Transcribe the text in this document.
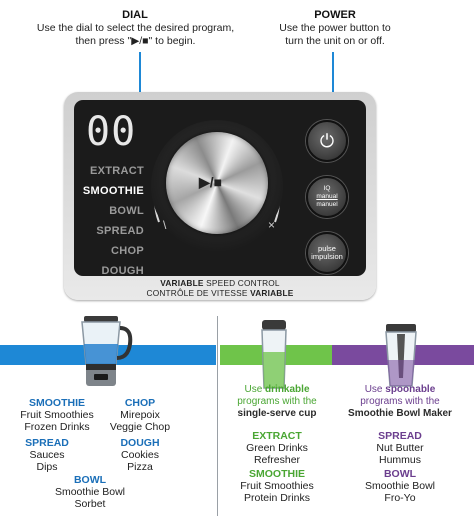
DIAL
Use the dial to select the desired program,
then press "▶/■" to begin.
POWER
Use the power button to
turn the unit on or off.
00
EXTRACT
SMOOTHIE
BOWL
SPREAD
CHOP
DOUGH
▶/■
\	×
⏻
IQ
manual
manuel
pulse
impulsion
VARIABLE SPEED CONTROL
CONTRÔLE DE VITESSE VARIABLE
SMOOTHIE
Fruit Smoothies
Frozen Drinks
CHOP
Mirepoix
Veggie Chop
SPREAD
Sauces
Dips
DOUGH
Cookies
Pizza
BOWL
Smoothie Bowl
Sorbet
Use drinkable
programs with the
single-serve cup
EXTRACT
Green Drinks
Refresher
SMOOTHIE
Fruit Smoothies
Protein Drinks
Use spoonable
programs with the
Smoothie Bowl Maker
SPREAD
Nut Butter
Hummus
BOWL
Smoothie Bowl
Fro-Yo
